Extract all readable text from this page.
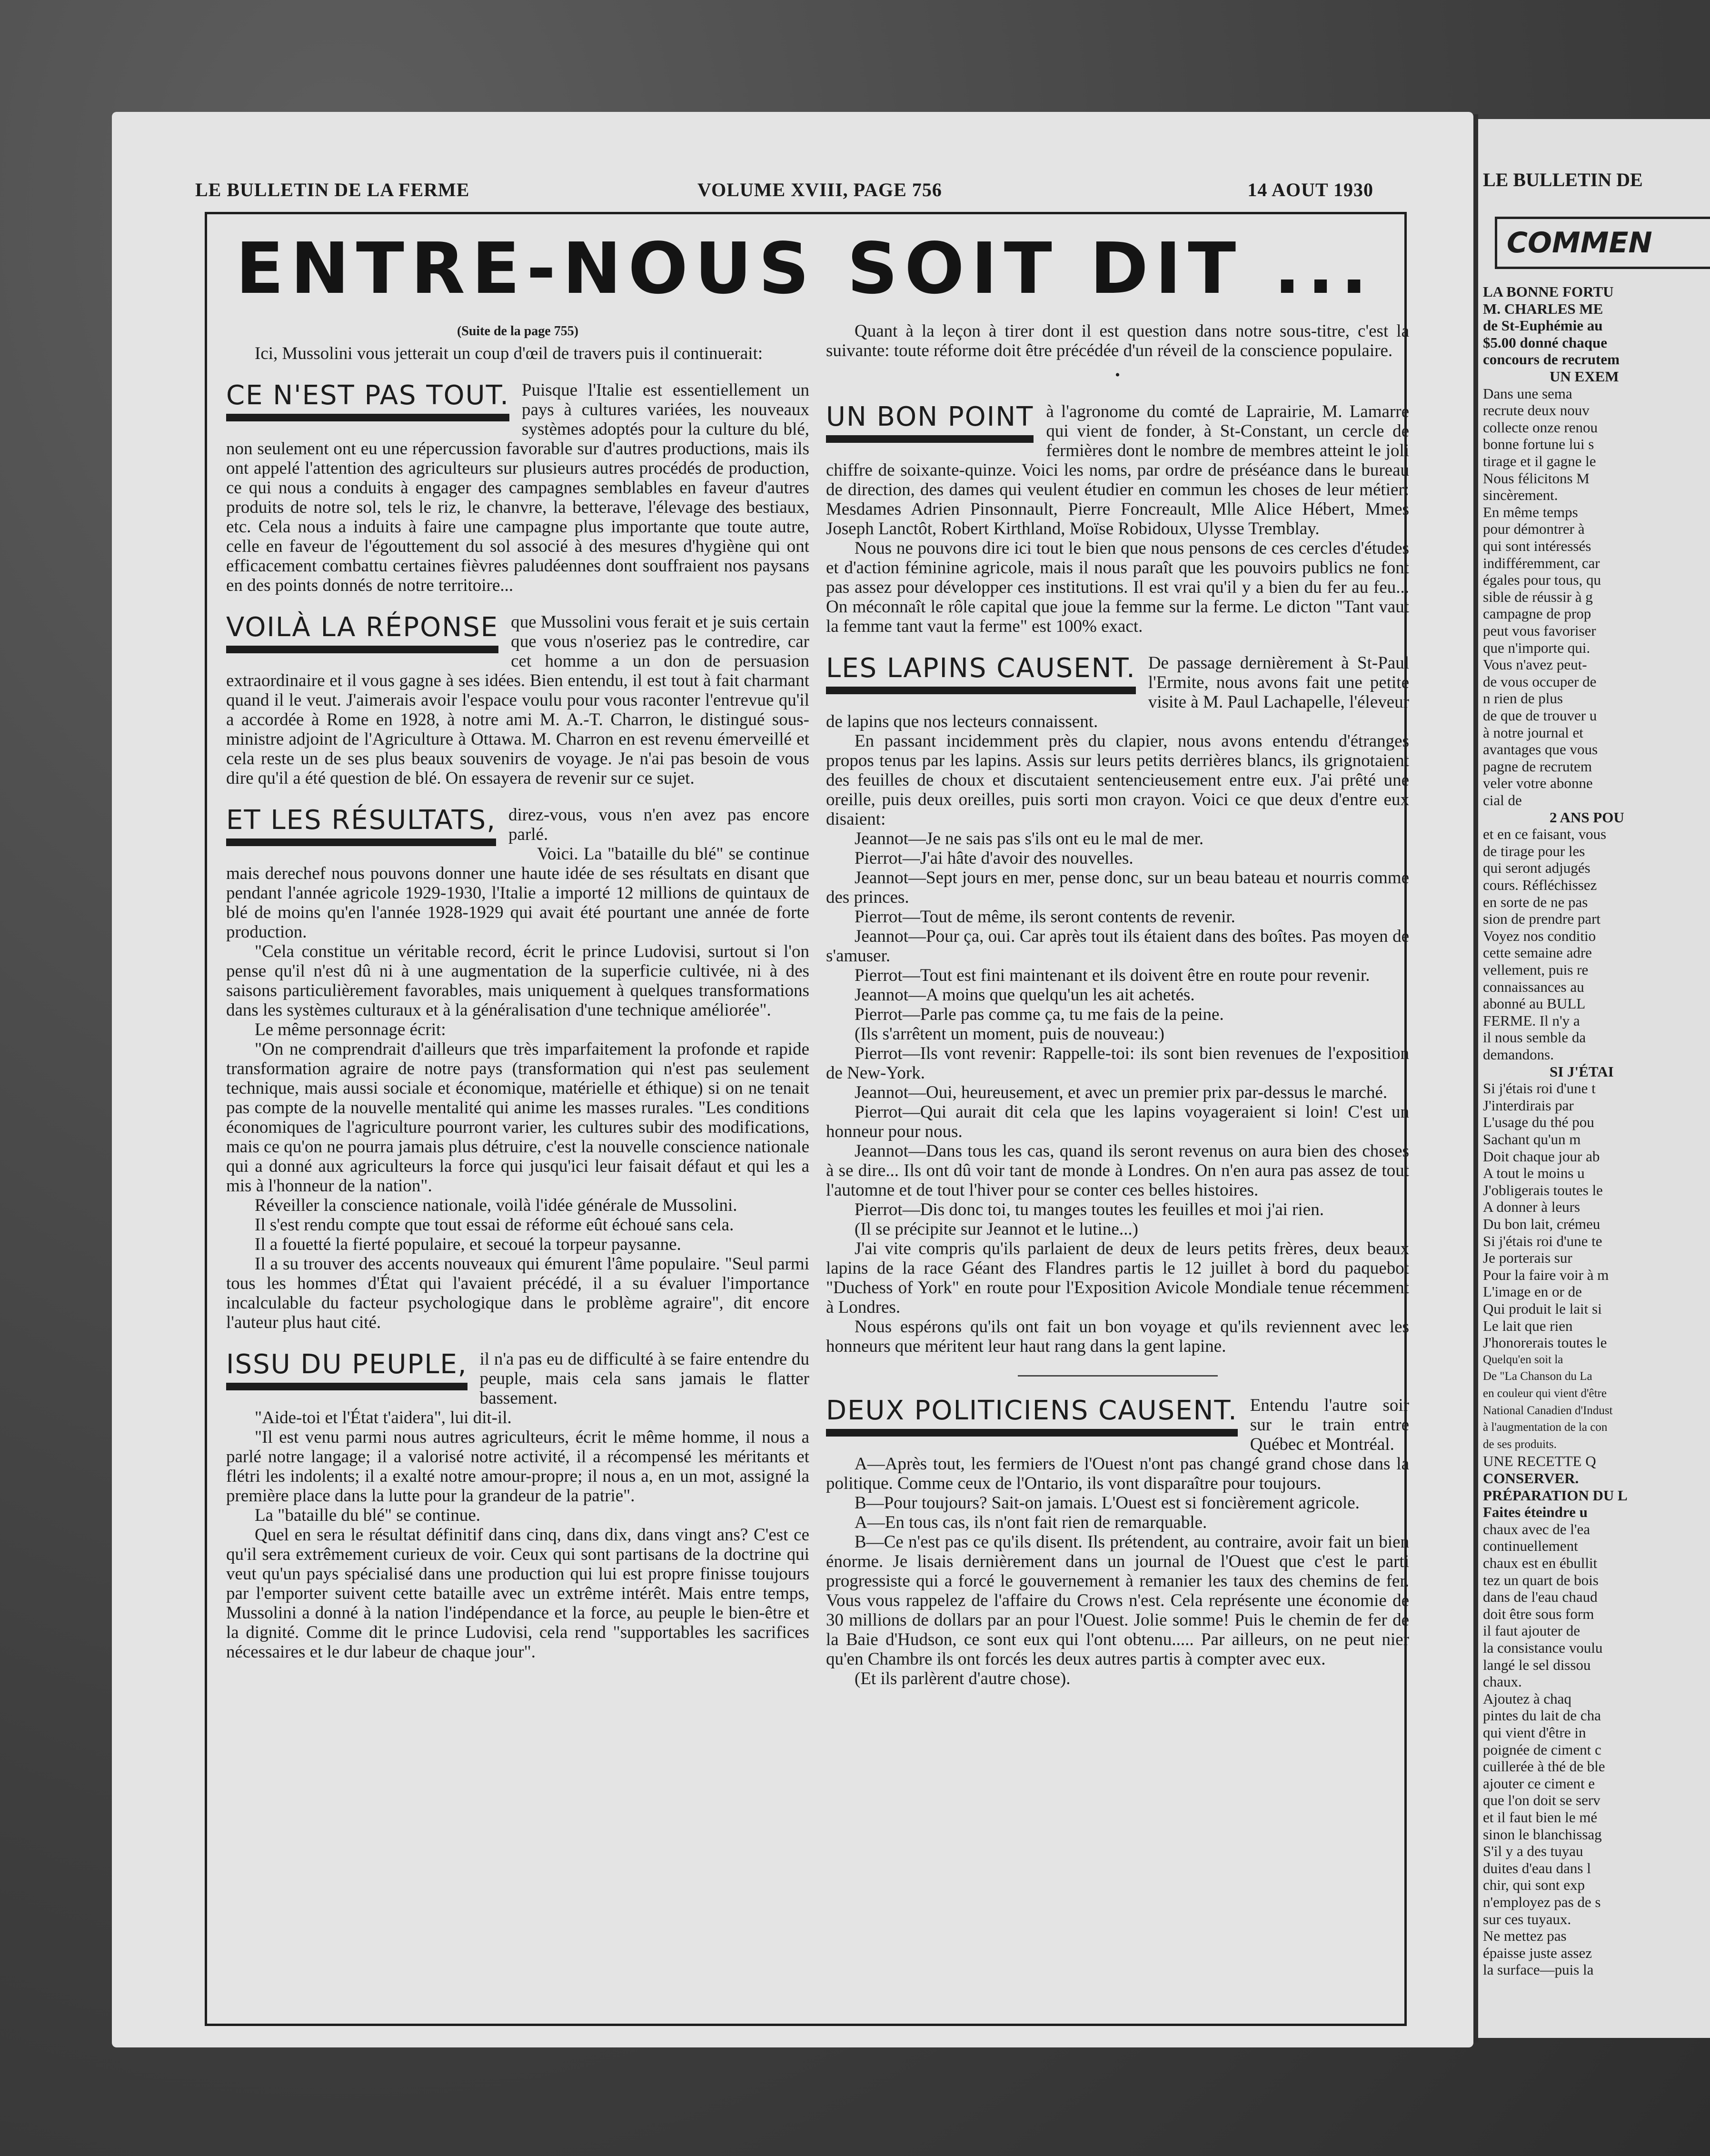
LE BULLETIN DE LA FERME	VOLUME XVIII, PAGE 756	14 AOUT 1930
ENTRE-NOUS SOIT DIT ...
(Suite de la page 755)

Ici, Mussolini vous jetterait un coup d'œil de travers puis il continuerait:

CE N'EST PAS TOUT. Puisque l'Italie est essentiellement un pays à cultures variées, les nouveaux systèmes adoptés pour la culture du blé, non seulement ont eu une répercussion favorable sur d'autres productions, mais ils ont appelé l'attention des agriculteurs sur plusieurs autres procédés de production, ce qui nous a conduits à engager des campagnes semblables en faveur d'autres produits de notre sol, tels le riz, le chanvre, la betterave, l'élevage des bestiaux, etc. Cela nous a induits à faire une campagne plus importante que toute autre, celle en faveur de l'égouttement du sol associé à des mesures d'hygiène qui ont efficacement combattu certaines fièvres paludéennes dont souffraient nos paysans en des points donnés de notre territoire...

VOILÀ LA RÉPONSE que Mussolini vous ferait et je suis certain que vous n'oseriez pas le contredire, car cet homme a un don de persuasion extraordinaire et il vous gagne à ses idées. Bien entendu, il est tout à fait charmant quand il le veut. J'aimerais avoir l'espace voulu pour vous raconter l'entrevue qu'il a accordée à Rome en 1928, à notre ami M. A.-T. Charron, le distingué sous-ministre adjoint de l'Agriculture à Ottawa. M. Charron en est revenu émerveillé et cela reste un de ses plus beaux souvenirs de voyage. Je n'ai pas besoin de vous dire qu'il a été question de blé. On essayera de revenir sur ce sujet.

ET LES RÉSULTATS, direz-vous, vous n'en avez pas encore parlé.

Voici. La "bataille du blé" se continue mais derechef nous pouvons donner une haute idée de ses résultats en disant que pendant l'année agricole 1929-1930, l'Italie a importé 12 millions de quintaux de blé de moins qu'en l'année 1928-1929 qui avait été pourtant une année de forte production.

"Cela constitue un véritable record, écrit le prince Ludovisi, surtout si l'on pense qu'il n'est dû ni à une augmentation de la superficie cultivée, ni à des saisons particulièrement favorables, mais uniquement à quelques transformations dans les systèmes culturaux et à la généralisation d'une technique améliorée".

Le même personnage écrit:

"On ne comprendrait d'ailleurs que très imparfaitement la profonde et rapide transformation agraire de notre pays (transformation qui n'est pas seulement technique, mais aussi sociale et économique, matérielle et éthique) si on ne tenait pas compte de la nouvelle mentalité qui anime les masses rurales. "Les conditions économiques de l'agriculture pourront varier, les cultures subir des modifications, mais ce qu'on ne pourra jamais plus détruire, c'est la nouvelle conscience nationale qui a donné aux agriculteurs la force qui jusqu'ici leur faisait défaut et qui les a mis à l'honneur de la nation".

Réveiller la conscience nationale, voilà l'idée générale de Mussolini.

Il s'est rendu compte que tout essai de réforme eût échoué sans cela.

Il a fouetté la fierté populaire, et secoué la torpeur paysanne.

Il a su trouver des accents nouveaux qui émurent l'âme populaire. "Seul parmi tous les hommes d'État qui l'avaient précédé, il a su évaluer l'importance incalculable du facteur psychologique dans le problème agraire", dit encore l'auteur plus haut cité.

ISSU DU PEUPLE, il n'a pas eu de difficulté à se faire entendre du peuple, mais cela sans jamais le flatter bassement.

"Aide-toi et l'État t'aidera", lui dit-il.

"Il est venu parmi nous autres agriculteurs, écrit le même homme, il nous a parlé notre langage; il a valorisé notre activité, il a récompensé les méritants et flétri les indolents; il a exalté notre amour-propre; il nous a, en un mot, assigné la première place dans la lutte pour la grandeur de la patrie".

La "bataille du blé" se continue.

Quel en sera le résultat définitif dans cinq, dans dix, dans vingt ans? C'est ce qu'il sera extrêmement curieux de voir. Ceux qui sont partisans de la doctrine qui veut qu'un pays spécialisé dans une production qui lui est propre finisse toujours par l'emporter suivent cette bataille avec un extrême intérêt. Mais entre temps, Mussolini a donné à la nation l'indépendance et la force, au peuple le bien-être et la dignité. Comme dit le prince Ludovisi, cela rend "supportables les sacrifices nécessaires et le dur labeur de chaque jour".

Quant à la leçon à tirer dont il est question dans notre sous-titre, c'est la suivante: toute réforme doit être précédée d'un réveil de la conscience populaire.

•
UN BON POINT à l'agronome du comté de Laprairie, M. Lamarre qui vient de fonder, à St-Constant, un cercle de fermières dont le nombre de membres atteint le joli chiffre de soixante-quinze. Voici les noms, par ordre de préséance dans le bureau de direction, des dames qui veulent étudier en commun les choses de leur métier: Mesdames Adrien Pinsonnault, Pierre Foncreault, Mlle Alice Hébert, Mmes Joseph Lanctôt, Robert Kirthland, Moïse Robidoux, Ulysse Tremblay.

Nous ne pouvons dire ici tout le bien que nous pensons de ces cercles d'études et d'action féminine agricole, mais il nous paraît que les pouvoirs publics ne font pas assez pour développer ces institutions. Il est vrai qu'il y a bien du fer au feu... On méconnaît le rôle capital que joue la femme sur la ferme. Le dicton "Tant vaut la femme tant vaut la ferme" est 100% exact.

LES LAPINS CAUSENT. De passage dernièrement à St-Paul l'Ermite, nous avons fait une petite visite à M. Paul Lachapelle, l'éleveur de lapins que nos lecteurs connaissent.

En passant incidemment près du clapier, nous avons entendu d'étranges propos tenus par les lapins. Assis sur leurs petits derrières blancs, ils grignotaient des feuilles de choux et discutaient sentencieusement entre eux. J'ai prêté une oreille, puis deux oreilles, puis sorti mon crayon. Voici ce que deux d'entre eux disaient:

Jeannot—Je ne sais pas s'ils ont eu le mal de mer.

Pierrot—J'ai hâte d'avoir des nouvelles.

Jeannot—Sept jours en mer, pense donc, sur un beau bateau et nourris comme des princes.

Pierrot—Tout de même, ils seront contents de revenir.

Jeannot—Pour ça, oui. Car après tout ils étaient dans des boîtes. Pas moyen de s'amuser.

Pierrot—Tout est fini maintenant et ils doivent être en route pour revenir.

Jeannot—A moins que quelqu'un les ait achetés.

Pierrot—Parle pas comme ça, tu me fais de la peine.

(Ils s'arrêtent un moment, puis de nouveau:)

Pierrot—Ils vont revenir: Rappelle-toi: ils sont bien revenues de l'exposition de New-York.

Jeannot—Oui, heureusement, et avec un premier prix par-dessus le marché.

Pierrot—Qui aurait dit cela que les lapins voyageraient si loin! C'est un honneur pour nous.

Jeannot—Dans tous les cas, quand ils seront revenus on aura bien des choses à se dire... Ils ont dû voir tant de monde à Londres. On n'en aura pas assez de tout l'automne et de tout l'hiver pour se conter ces belles histoires.

Pierrot—Dis donc toi, tu manges toutes les feuilles et moi j'ai rien.

(Il se précipite sur Jeannot et le lutine...)

J'ai vite compris qu'ils parlaient de deux de leurs petits frères, deux beaux lapins de la race Géant des Flandres partis le 12 juillet à bord du paquebot "Duchess of York" en route pour l'Exposition Avicole Mondiale tenue récemment à Londres.

Nous espérons qu'ils ont fait un bon voyage et qu'ils reviennent avec les honneurs que méritent leur haut rang dans la gent lapine.

DEUX POLITICIENS CAUSENT. Entendu l'autre soir sur le train entre Québec et Montréal.

A—Après tout, les fermiers de l'Ouest n'ont pas changé grand chose dans la politique. Comme ceux de l'Ontario, ils vont disparaître pour toujours.

B—Pour toujours? Sait-on jamais. L'Ouest est si foncièrement agricole.

A—En tous cas, ils n'ont fait rien de remarquable.

B—Ce n'est pas ce qu'ils disent. Ils prétendent, au contraire, avoir fait un bien énorme. Je lisais dernièrement dans un journal de l'Ouest que c'est le parti progressiste qui a forcé le gouvernement à remanier les taux des chemins de fer. Vous vous rappelez de l'affaire du Crows n'est. Cela représente une économie de 30 millions de dollars par an pour l'Ouest. Jolie somme! Puis le chemin de fer de la Baie d'Hudson, ce sont eux qui l'ont obtenu..... Par ailleurs, on ne peut nier qu'en Chambre ils ont forcés les deux autres partis à compter avec eux.

(Et ils parlèrent d'autre chose).

LE BULLETIN DE
COMMEN
LA BONNE FORTU
M. CHARLES ME
de St-Euphémie au
$5.00 donné chaque
concours de recrutem
UN EXEM
Dans une sema
recrute deux nouv
collecte onze renou
bonne fortune lui s
tirage et il gagne le
Nous félicitons M
sincèrement.
En même temps
pour démontrer à
qui sont intéressés
indifféremment, car
égales pour tous, qu
sible de réussir à g
campagne de prop
peut vous favoriser
que n'importe qui.
Vous n'avez peut-
de vous occuper de
n rien de plus
de que de trouver u
à notre journal et
avantages que vous
pagne de recrutem
veler votre abonne
cial de
2 ANS POU
et en ce faisant, vous
de tirage pour les
qui seront adjugés
cours. Réfléchissez
en sorte de ne pas
sion de prendre part
Voyez nos conditio
cette semaine adre
vellement, puis re
connaissances au
abonné au BULL
FERME. Il n'y a
il nous semble da
demandons.
SI J'ÉTAI
Si j'étais roi d'une t
J'interdirais par
L'usage du thé pou
Sachant qu'un m
Doit chaque jour ab
A tout le moins u
J'obligerais toutes le
A donner à leurs
Du bon lait, crémeu
Si j'étais roi d'une te
Je porterais sur
Pour la faire voir à m
L'image en or de
Qui produit le lait si
Le lait que rien
J'honorerais toutes le
Quelqu'en soit la
De "La Chanson du La
en couleur qui vient d'être
National Canadien d'Indust
à l'augmentation de la con
de ses produits.
UNE RECETTE Q
CONSERVER.
PRÉPARATION DU L
Faites éteindre u
chaux avec de l'ea
continuellement
chaux est en ébullit
tez un quart de bois
dans de l'eau chaud
doit être sous form
il faut ajouter de
la consistance voulu
langé le sel dissou
chaux.
Ajoutez à chaq
pintes du lait de cha
qui vient d'être in
poignée de ciment c
cuillerée à thé de ble
ajouter ce ciment e
que l'on doit se serv
et il faut bien le mé
sinon le blanchissag
S'il y a des tuyau
duites d'eau dans l
chir, qui sont exp
n'employez pas de s
sur ces tuyaux.
Ne mettez pas
épaisse juste assez
la surface—puis la
